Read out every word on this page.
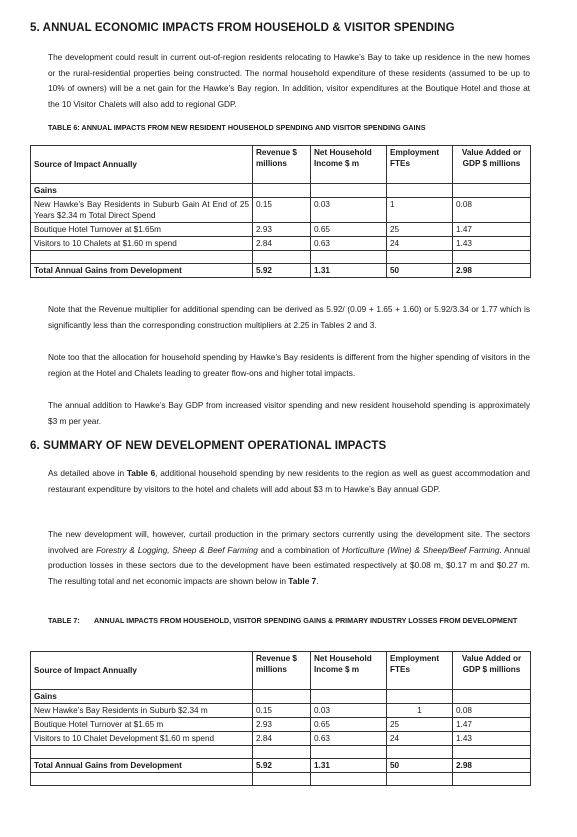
5. ANNUAL ECONOMIC IMPACTS FROM HOUSEHOLD & VISITOR SPENDING
The development could result in current out-of-region residents relocating to Hawke’s Bay to take up residence in the new homes or the rural-residential properties being constructed. The normal household expenditure of these residents (assumed to be up to 10% of owners) will be a net gain for the Hawke’s Bay region. In addition, visitor expenditures at the Boutique Hotel and those at the 10 Visitor Chalets will also add to regional GDP.
TABLE 6: ANNUAL IMPACTS FROM NEW RESIDENT HOUSEHOLD SPENDING AND VISITOR SPENDING GAINS
Source of Impact Annually	Revenue $ millions	Net Household Income $ m	Employment FTEs	Value Added or GDP $ millions
Gains				
New Hawke’s Bay Residents in Suburb Gain At End of 25 Years $2.34 m Total Direct Spend	0.15	0.03	1	0.08
Boutique Hotel Turnover at $1.65m	2.93	0.65	25	1.47
Visitors to 10 Chalets at $1.60 m spend	2.84	0.63	24	1.43

Total Annual Gains from Development	5.92	1.31	50	2.98
Note that the Revenue multiplier for additional spending can be derived as 5.92/ (0.09 + 1.65 + 1.60) or 5.92/3.34 or 1.77 which is significantly less than the corresponding construction multipliers at 2.25 in Tables 2 and 3.
Note too that the allocation for household spending by Hawke’s Bay residents is different from the higher spending of visitors in the region at the Hotel and Chalets leading to greater flow-ons and higher total impacts.
The annual addition to Hawke’s Bay GDP from increased visitor spending and new resident household spending is approximately $3 m per year.
6. SUMMARY OF NEW DEVELOPMENT OPERATIONAL IMPACTS
As detailed above in Table 6, additional household spending by new residents to the region as well as guest accommodation and restaurant expenditure by visitors to the hotel and chalets will add about $3 m to Hawke’s Bay annual GDP.
The new development will, however, curtail production in the primary sectors currently using the development site. The sectors involved are Forestry & Logging, Sheep & Beef Farming and a combination of Horticulture (Wine) & Sheep/Beef Farming. Annual production losses in these sectors due to the development have been estimated respectively at $0.08 m, $0.17 m and $0.27 m. The resulting total and net economic impacts are shown below in Table 7.
TABLE 7: ANNUAL IMPACTS FROM HOUSEHOLD, VISITOR SPENDING GAINS & PRIMARY INDUSTRY LOSSES FROM DEVELOPMENT
Source of Impact Annually	Revenue $ millions	Net Household Income $ m	Employment FTEs	Value Added or GDP $ millions
Gains				
New Hawke’s Bay Residents in Suburb $2.34 m	0.15	0.03	1	0.08
Boutique Hotel Turnover at $1.65 m	2.93	0.65	25	1.47
Visitors to 10 Chalet Development $1.60 m spend	2.84	0.63	24	1.43

Total Annual Gains from Development	5.92	1.31	50	2.98
